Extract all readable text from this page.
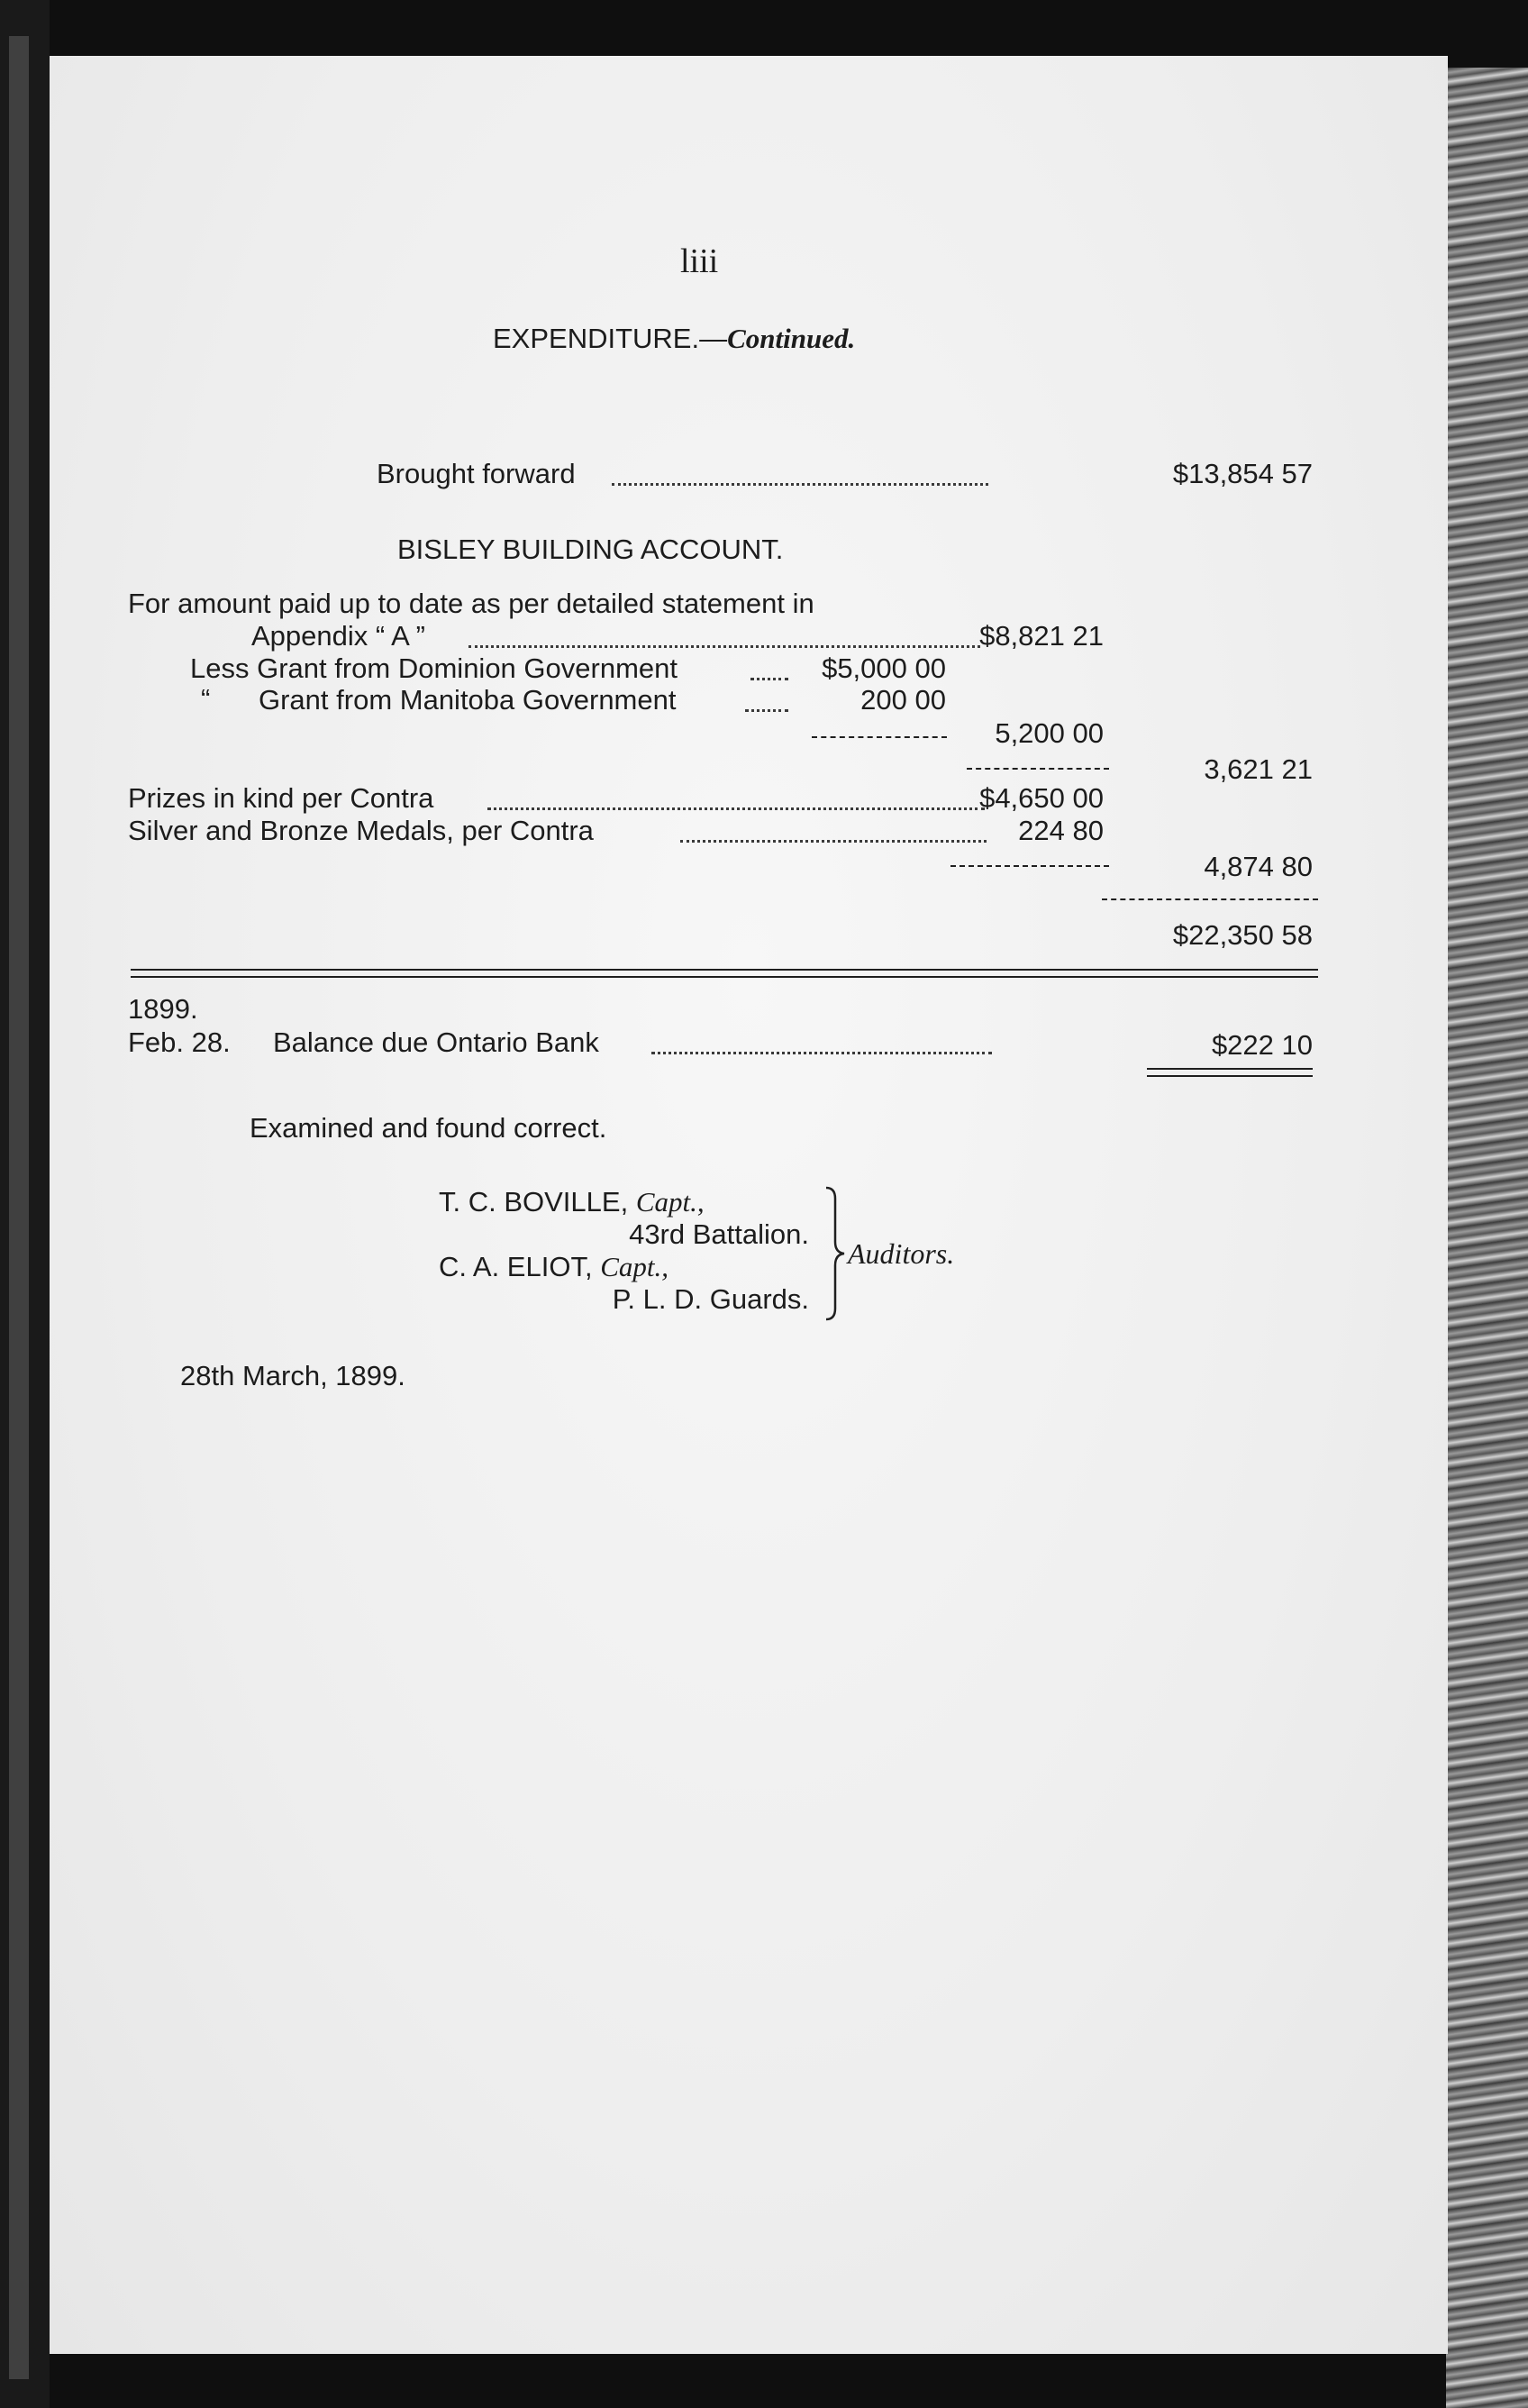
liii
EXPENDITURE.—Continued.
Brought forward	$13,854 57
BISLEY BUILDING ACCOUNT.
For amount paid up to date as per detailed statement in
Appendix “ A ”	$8,821 21
Less Grant from Dominion Government	$5,000 00
“ Grant from Manitoba Government	200 00
5,200 00
3,621 21
Prizes in kind per Contra	$4,650 00
Silver and Bronze Medals, per Contra	224 80
4,874 80
$22,350 58
1899.
Feb. 28. Balance due Ontario Bank	$222 10
Examined and found correct.
T. C. BOVILLE, Capt.,
43rd Battalion.
C. A. ELIOT, Capt.,
P. L. D. Guards.
Auditors.
28th March, 1899.
